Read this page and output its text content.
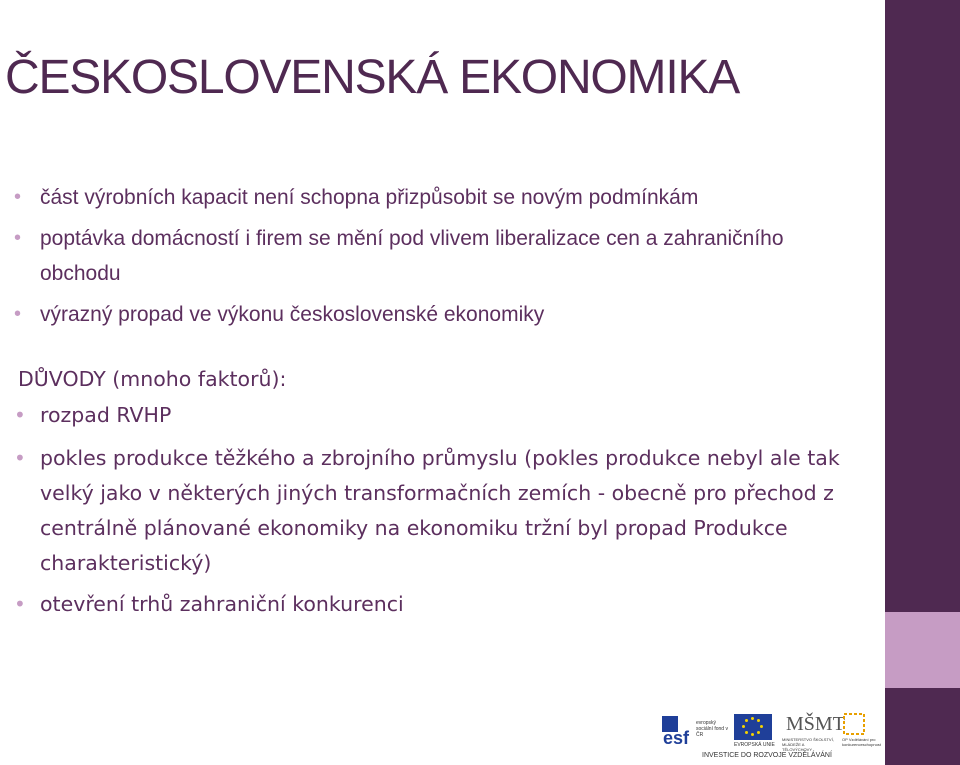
ČESKOSLOVENSKÁ EKONOMIKA
• část výrobních kapacit není schopna přizpůsobit se novým podmínkám
• poptávka domácností i firem se mění pod vlivem liberalizace cen a zahraničního obchodu
• výrazný propad ve výkonu československé ekonomiky
DŮVODY (mnoho faktorů):
• rozpad RVHP
• pokles produkce těžkého a zbrojního průmyslu (pokles produkce nebyl ale tak velký jako v některých jiných transformačních zemích - obecně pro přechod z centrálně plánované ekonomiky na ekonomiku tržní byl propad Produkce charakteristický)
• otevření trhů zahraniční konkurenci
esf
evropský sociální fond v ČR
EVROPSKÁ UNIE
MŠMT
MINISTERSTVO ŠKOLSTVÍ, MLÁDEŽE A TĚLOVÝCHOVY
OP Vzdělávání pro konkurenceschopnost
INVESTICE DO ROZVOJE VZDĚLÁVÁNÍ
